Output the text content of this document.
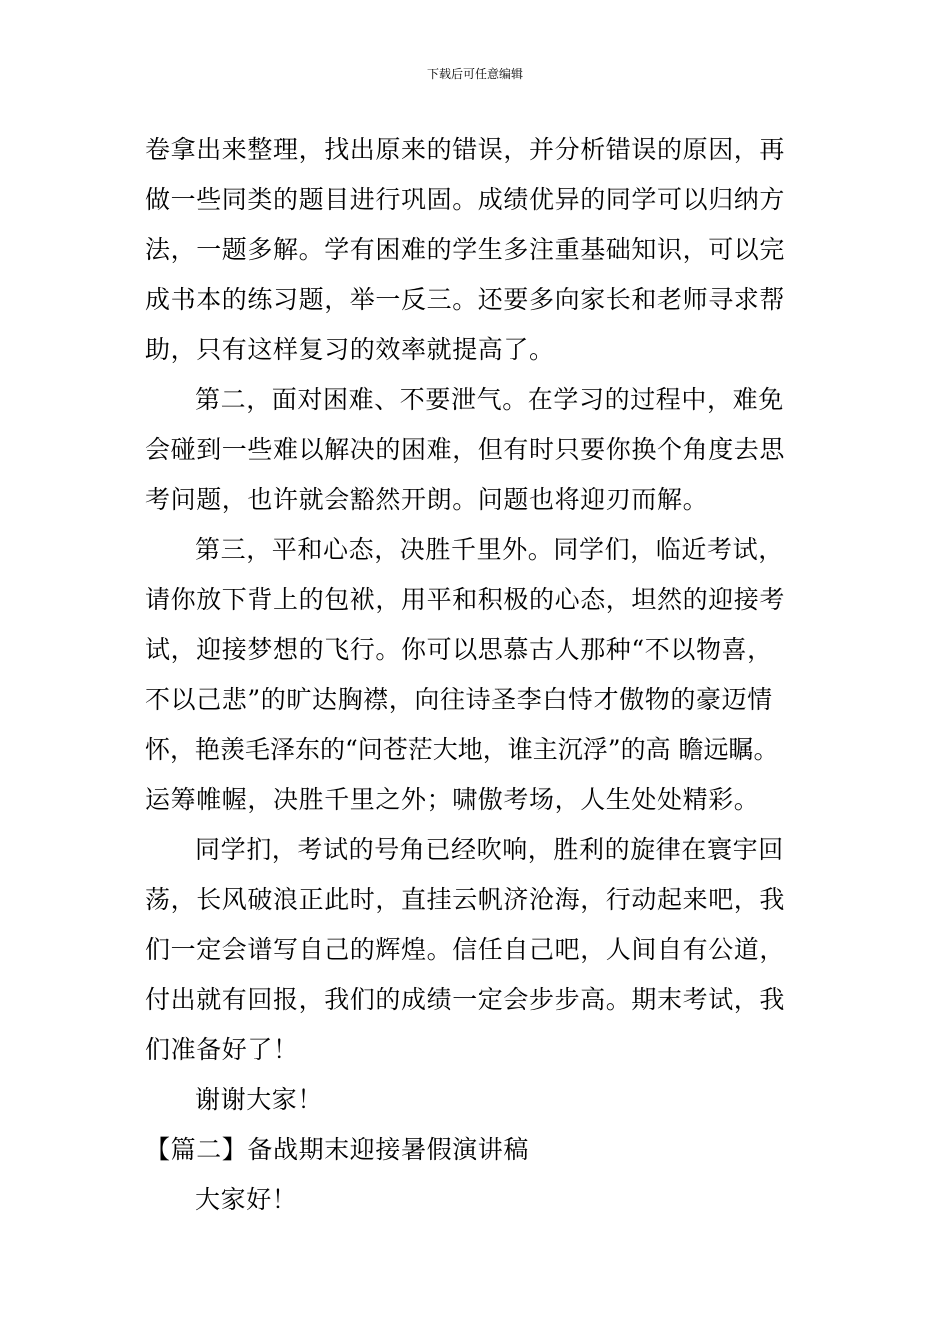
下载后可任意编辑
卷拿出来整理，找出原来的错误，并分析错误的原因，再
做一些同类的题目进行巩固。成绩优异的同学可以归纳方
法，一题多解。学有困难的学生多注重基础知识，可以完
成书本的练习题，举一反三。还要多向家长和老师寻求帮
助，只有这样复习的效率就提高了。
第二，面对困难、不要泄气。在学习的过程中，难免
会碰到一些难以解决的困难，但有时只要你换个角度去思
考问题，也许就会豁然开朗。问题也将迎刃而解。
第三，平和心态，决胜千里外。同学们，临近考试，
请你放下背上的包袱，用平和积极的心态，坦然的迎接考
试，迎接梦想的飞行。你可以思慕古人那种“不以物喜，
不以己悲”的旷达胸襟，向往诗圣李白恃才傲物的豪迈情
怀，艳羡毛泽东的“问苍茫大地，谁主沉浮”的高 瞻远瞩。
运筹帷幄，决胜千里之外；啸傲考场，人生处处精彩。
同学扪，考试的号角已经吹响，胜利的旋律在寰宇回
荡，长风破浪正此时，直挂云帆济沧海，行动起来吧，我
们一定会谱写自己的辉煌。信任自己吧，人间自有公道，
付出就有回报，我们的成绩一定会步步高。期末考试，我
们准备好了！
谢谢大家！
【篇二】备战期末迎接暑假演讲稿
大家好！
